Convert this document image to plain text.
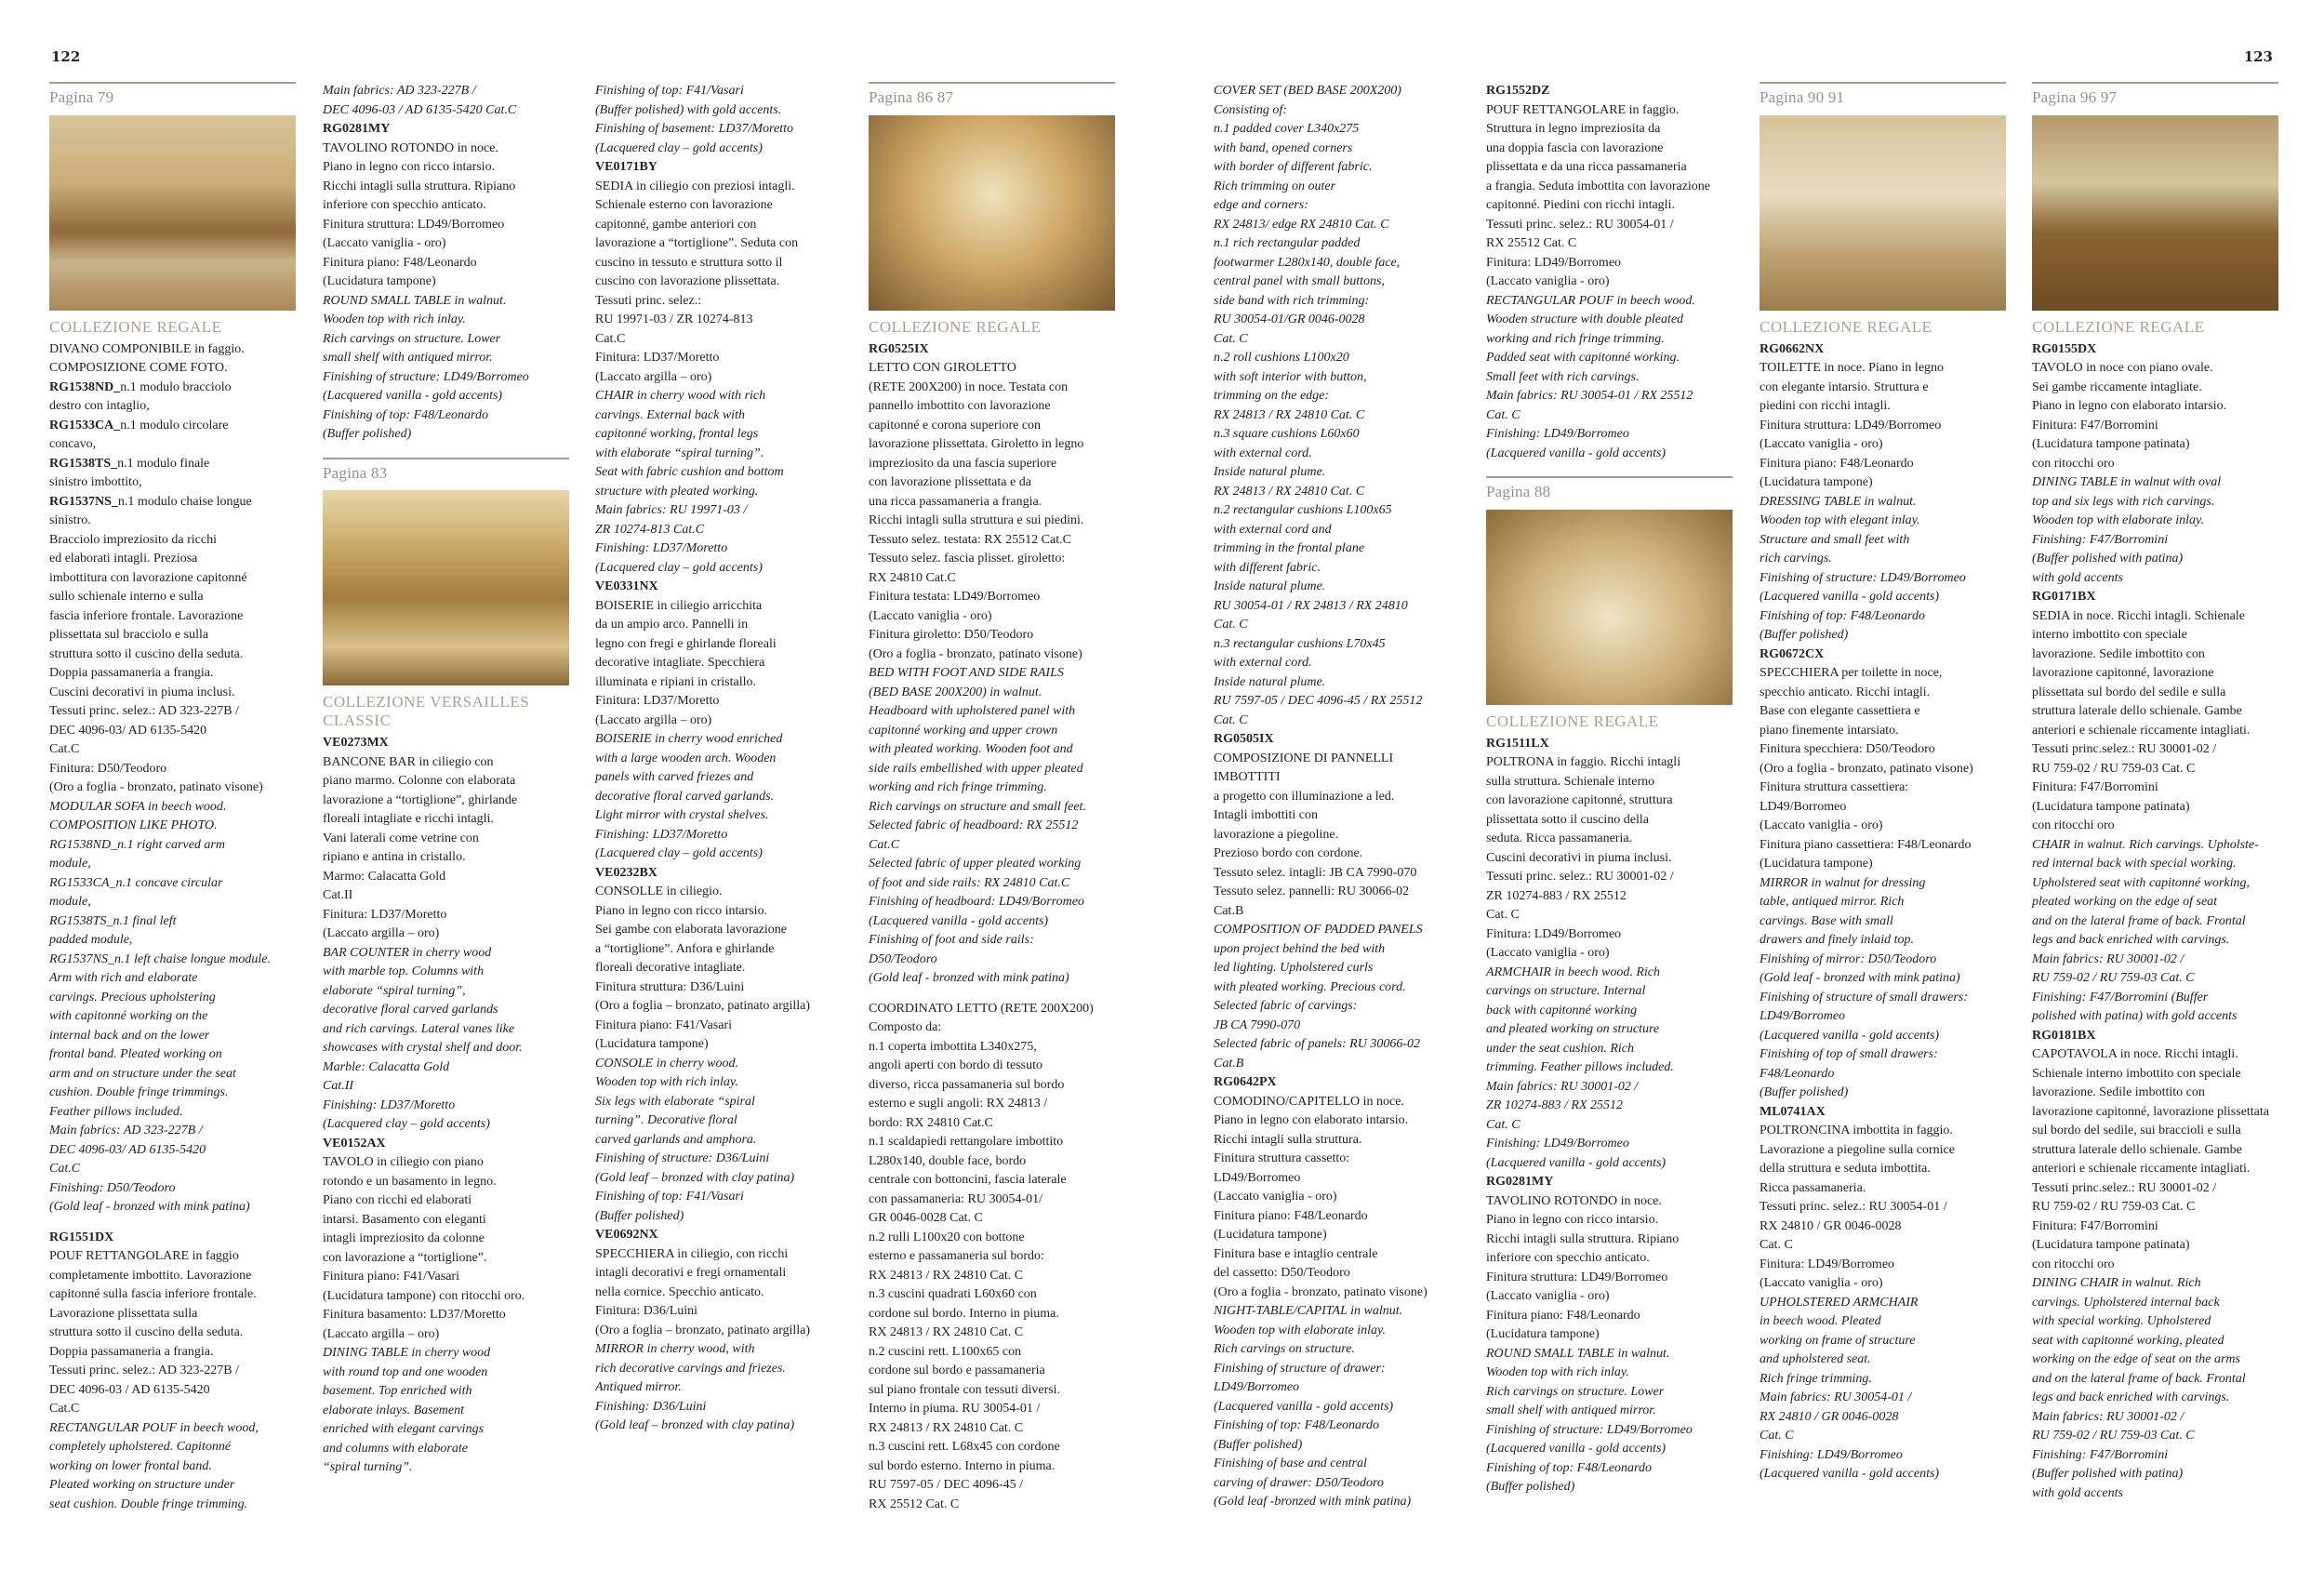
122	123
Pagina 79
COLLEZIONE REGALE
DIVANO COMPONIBILE in faggio.
COMPOSIZIONE COME FOTO.
RG1538ND_n.1 modulo bracciolo
destro con intaglio,
RG1533CA_n.1 modulo circolare
concavo,
RG1538TS_n.1 modulo finale
sinistro imbottito,
RG1537NS_n.1 modulo chaise longue
sinistro.
Bracciolo impreziosito da ricchi
ed elaborati intagli. Preziosa
imbottitura con lavorazione capitonné
sullo schienale interno e sulla
fascia inferiore frontale. Lavorazione
plissettata sul bracciolo e sulla
struttura sotto il cuscino della seduta.
Doppia passamaneria a frangia.
Cuscini decorativi in piuma inclusi.
Tessuti princ. selez.: AD 323-227B /
DEC 4096-03/ AD 6135-5420
Cat.C
Finitura: D50/Teodoro
(Oro a foglia - bronzato, patinato visone)
MODULAR SOFA in beech wood.
COMPOSITION LIKE PHOTO.
RG1538ND_n.1 right carved arm
module,
RG1533CA_n.1 concave circular
module,
RG1538TS_n.1 final left
padded module,
RG1537NS_n.1 left chaise longue module.
Arm with rich and elaborate
carvings. Precious upholstering
with capitonné working on the
internal back and on the lower
frontal band. Pleated working on
arm and on structure under the seat
cushion. Double fringe trimmings.
Feather pillows included.
Main fabrics: AD 323-227B /
DEC 4096-03/ AD 6135-5420
Cat.C
Finishing: D50/Teodoro
(Gold leaf - bronzed with mink patina)
RG1551DX
POUF RETTANGOLARE in faggio
completamente imbottito. Lavorazione
capitonné sulla fascia inferiore frontale.
Lavorazione plissettata sulla
struttura sotto il cuscino della seduta.
Doppia passamaneria a frangia.
Tessuti princ. selez.: AD 323-227B /
DEC 4096-03 / AD 6135-5420
Cat.C
RECTANGULAR POUF in beech wood,
completely upholstered. Capitonné
working on lower frontal band.
Pleated working on structure under
seat cushion. Double fringe trimming.
Main fabrics: AD 323-227B /
DEC 4096-03 / AD 6135-5420 Cat.C
RG0281MY
TAVOLINO ROTONDO in noce.
Piano in legno con ricco intarsio.
Ricchi intagli sulla struttura. Ripiano
inferiore con specchio anticato.
Finitura struttura: LD49/Borromeo
(Laccato vaniglia - oro)
Finitura piano: F48/Leonardo
(Lucidatura tampone)
ROUND SMALL TABLE in walnut.
Wooden top with rich inlay.
Rich carvings on structure. Lower
small shelf with antiqued mirror.
Finishing of structure: LD49/Borromeo
(Lacquered vanilla - gold accents)
Finishing of top: F48/Leonardo
(Buffer polished)
Pagina 83
COLLEZIONE VERSAILLES CLASSIC
VE0273MX
BANCONE BAR in ciliegio con
piano marmo. Colonne con elaborata
lavorazione a “tortiglione”, ghirlande
floreali intagliate e ricchi intagli.
Vani laterali come vetrine con
ripiano e antina in cristallo.
Marmo: Calacatta Gold
Cat.II
Finitura: LD37/Moretto
(Laccato argilla – oro)
BAR COUNTER in cherry wood
with marble top. Columns with
elaborate “spiral turning”,
decorative floral carved garlands
and rich carvings. Lateral vanes like
showcases with crystal shelf and door.
Marble: Calacatta Gold
Cat.II
Finishing: LD37/Moretto
(Lacquered clay – gold accents)
VE0152AX
TAVOLO in ciliegio con piano
rotondo e un basamento in legno.
Piano con ricchi ed elaborati
intarsi. Basamento con eleganti
intagli impreziosito da colonne
con lavorazione a “tortiglione”.
Finitura piano: F41/Vasari
(Lucidatura tampone) con ritocchi oro.
Finitura basamento: LD37/Moretto
(Laccato argilla – oro)
DINING TABLE in cherry wood
with round top and one wooden
basement. Top enriched with
elaborate inlays. Basement
enriched with elegant carvings
and columns with elaborate
“spiral turning”.
Finishing of top: F41/Vasari
(Buffer polished) with gold accents.
Finishing of basement: LD37/Moretto
(Lacquered clay – gold accents)
VE0171BY
SEDIA in ciliegio con preziosi intagli.
Schienale esterno con lavorazione
capitonné, gambe anteriori con
lavorazione a “tortiglione”. Seduta con
cuscino in tessuto e struttura sotto il
cuscino con lavorazione plissettata.
Tessuti princ. selez.:
RU 19971-03 / ZR 10274-813
Cat.C
Finitura: LD37/Moretto
(Laccato argilla – oro)
CHAIR in cherry wood with rich
carvings. External back with
capitonné working, frontal legs
with elaborate “spiral turning”.
Seat with fabric cushion and bottom
structure with pleated working.
Main fabrics: RU 19971-03 /
ZR 10274-813 Cat.C
Finishing: LD37/Moretto
(Lacquered clay – gold accents)
VE0331NX
BOISERIE in ciliegio arricchita
da un ampio arco. Pannelli in
legno con fregi e ghirlande floreali
decorative intagliate. Specchiera
illuminata e ripiani in cristallo.
Finitura: LD37/Moretto
(Laccato argilla – oro)
BOISERIE in cherry wood enriched
with a large wooden arch. Wooden
panels with carved friezes and
decorative floral carved garlands.
Light mirror with crystal shelves.
Finishing: LD37/Moretto
(Lacquered clay – gold accents)
VE0232BX
CONSOLLE in ciliegio.
Piano in legno con ricco intarsio.
Sei gambe con elaborata lavorazione
a “tortiglione”. Anfora e ghirlande
floreali decorative intagliate.
Finitura struttura: D36/Luini
(Oro a foglia – bronzato, patinato argilla)
Finitura piano: F41/Vasari
(Lucidatura tampone)
CONSOLE in cherry wood.
Wooden top with rich inlay.
Six legs with elaborate “spiral
turning”. Decorative floral
carved garlands and amphora.
Finishing of structure: D36/Luini
(Gold leaf – bronzed with clay patina)
Finishing of top: F41/Vasari
(Buffer polished)
VE0692NX
SPECCHIERA in ciliegio, con ricchi
intagli decorativi e fregi ornamentali
nella cornice. Specchio anticato.
Finitura: D36/Luini
(Oro a foglia – bronzato, patinato argilla)
MIRROR in cherry wood, with
rich decorative carvings and friezes.
Antiqued mirror.
Finishing: D36/Luini
(Gold leaf – bronzed with clay patina)
Pagina 86 87
COLLEZIONE REGALE
RG0525IX
LETTO CON GIROLETTO
(RETE 200X200) in noce. Testata con
pannello imbottito con lavorazione
capitonné e corona superiore con
lavorazione plissettata. Giroletto in legno
impreziosito da una fascia superiore
con lavorazione plissettata e da
una ricca passamaneria a frangia.
Ricchi intagli sulla struttura e sui piedini.
Tessuto selez. testata: RX 25512 Cat.C
Tessuto selez. fascia plisset. giroletto:
RX 24810 Cat.C
Finitura testata: LD49/Borromeo
(Laccato vaniglia - oro)
Finitura giroletto: D50/Teodoro
(Oro a foglia - bronzato, patinato visone)
BED WITH FOOT AND SIDE RAILS
(BED BASE 200X200) in walnut.
Headboard with upholstered panel with
capitonné working and upper crown
with pleated working. Wooden foot and
side rails embellished with upper pleated
working and rich fringe trimming.
Rich carvings on structure and small feet.
Selected fabric of headboard: RX 25512
Cat.C
Selected fabric of upper pleated working
of foot and side rails: RX 24810 Cat.C
Finishing of headboard: LD49/Borromeo
(Lacquered vanilla - gold accents)
Finishing of foot and side rails:
D50/Teodoro
(Gold leaf - bronzed with mink patina)
COORDINATO LETTO (RETE 200X200)
Composto da:
n.1 coperta imbottita L340x275,
angoli aperti con bordo di tessuto
diverso, ricca passamaneria sul bordo
esterno e sugli angoli: RX 24813 /
bordo: RX 24810 Cat.C
n.1 scaldapiedi rettangolare imbottito
L280x140, double face, bordo
centrale con bottoncini, fascia laterale
con passamaneria: RU 30054-01/
GR 0046-0028 Cat. C
n.2 rulli L100x20 con bottone
esterno e passamaneria sul bordo:
RX 24813 / RX 24810 Cat. C
n.3 cuscini quadrati L60x60 con
cordone sul bordo. Interno in piuma.
RX 24813 / RX 24810 Cat. C
n.2 cuscini rett. L100x65 con
cordone sul bordo e passamaneria
sul piano frontale con tessuti diversi.
Interno in piuma. RU 30054-01 /
RX 24813 / RX 24810 Cat. C
n.3 cuscini rett. L68x45 con cordone
sul bordo esterno. Interno in piuma.
RU 7597-05 / DEC 4096-45 /
RX 25512 Cat. C
COVER SET (BED BASE 200X200)
Consisting of:
n.1 padded cover L340x275
with band, opened corners
with border of different fabric.
Rich trimming on outer
edge and corners:
RX 24813/ edge RX 24810 Cat. C
n.1 rich rectangular padded
footwarmer L280x140, double face,
central panel with small buttons,
side band with rich trimming:
RU 30054-01/GR 0046-0028
Cat. C
n.2 roll cushions L100x20
with soft interior with button,
trimming on the edge:
RX 24813 / RX 24810 Cat. C
n.3 square cushions L60x60
with external cord.
Inside natural plume.
RX 24813 / RX 24810 Cat. C
n.2 rectangular cushions L100x65
with external cord and
trimming in the frontal plane
with different fabric.
Inside natural plume.
RU 30054-01 / RX 24813 / RX 24810
Cat. C
n.3 rectangular cushions L70x45
with external cord.
Inside natural plume.
RU 7597-05 / DEC 4096-45 / RX 25512
Cat. C
RG0505IX
COMPOSIZIONE DI PANNELLI
IMBOTTITI
a progetto con illuminazione a led.
Intagli imbottiti con
lavorazione a piegoline.
Prezioso bordo con cordone.
Tessuto selez. intagli: JB CA 7990-070
Tessuto selez. pannelli: RU 30066-02
Cat.B
COMPOSITION OF PADDED PANELS
upon project behind the bed with
led lighting. Upholstered curls
with pleated working. Precious cord.
Selected fabric of carvings:
JB CA 7990-070
Selected fabric of panels: RU 30066-02
Cat.B
RG0642PX
COMODINO/CAPITELLO in noce.
Piano in legno con elaborato intarsio.
Ricchi intagli sulla struttura.
Finitura struttura cassetto:
LD49/Borromeo
(Laccato vaniglia - oro)
Finitura piano: F48/Leonardo
(Lucidatura tampone)
Finitura base e intaglio centrale
del cassetto: D50/Teodoro
(Oro a foglia - bronzato, patinato visone)
NIGHT-TABLE/CAPITAL in walnut.
Wooden top with elaborate inlay.
Rich carvings on structure.
Finishing of structure of drawer:
LD49/Borromeo
(Lacquered vanilla - gold accents)
Finishing of top: F48/Leonardo
(Buffer polished)
Finishing of base and central
carving of drawer: D50/Teodoro
(Gold leaf -bronzed with mink patina)
RG1552DZ
POUF RETTANGOLARE in faggio.
Struttura in legno impreziosita da
una doppia fascia con lavorazione
plissettata e da una ricca passamaneria
a frangia. Seduta imbottita con lavorazione
capitonné. Piedini con ricchi intagli.
Tessuti princ. selez.: RU 30054-01 /
RX 25512 Cat. C
Finitura: LD49/Borromeo
(Laccato vaniglia - oro)
RECTANGULAR POUF in beech wood.
Wooden structure with double pleated
working and rich fringe trimming.
Padded seat with capitonné working.
Small feet with rich carvings.
Main fabrics: RU 30054-01 / RX 25512
Cat. C
Finishing: LD49/Borromeo
(Lacquered vanilla - gold accents)
Pagina 88
COLLEZIONE REGALE
RG1511LX
POLTRONA in faggio. Ricchi intagli
sulla struttura. Schienale interno
con lavorazione capitonné, struttura
plissettata sotto il cuscino della
seduta. Ricca passamaneria.
Cuscini decorativi in piuma inclusi.
Tessuti princ. selez.: RU 30001-02 /
ZR 10274-883 / RX 25512
Cat. C
Finitura: LD49/Borromeo
(Laccato vaniglia - oro)
ARMCHAIR in beech wood. Rich
carvings on structure. Internal
back with capitonné working
and pleated working on structure
under the seat cushion. Rich
trimming. Feather pillows included.
Main fabrics: RU 30001-02 /
ZR 10274-883 / RX 25512
Cat. C
Finishing: LD49/Borromeo
(Lacquered vanilla - gold accents)
RG0281MY
TAVOLINO ROTONDO in noce.
Piano in legno con ricco intarsio.
Ricchi intagli sulla struttura. Ripiano
inferiore con specchio anticato.
Finitura struttura: LD49/Borromeo
(Laccato vaniglia - oro)
Finitura piano: F48/Leonardo
(Lucidatura tampone)
ROUND SMALL TABLE in walnut.
Wooden top with rich inlay.
Rich carvings on structure. Lower
small shelf with antiqued mirror.
Finishing of structure: LD49/Borromeo
(Lacquered vanilla - gold accents)
Finishing of top: F48/Leonardo
(Buffer polished)
Pagina 90 91
COLLEZIONE REGALE
RG0662NX
TOILETTE in noce. Piano in legno
con elegante intarsio. Struttura e
piedini con ricchi intagli.
Finitura struttura: LD49/Borromeo
(Laccato vaniglia - oro)
Finitura piano: F48/Leonardo
(Lucidatura tampone)
DRESSING TABLE in walnut.
Wooden top with elegant inlay.
Structure and small feet with
rich carvings.
Finishing of structure: LD49/Borromeo
(Lacquered vanilla - gold accents)
Finishing of top: F48/Leonardo
(Buffer polished)
RG0672CX
SPECCHIERA per toilette in noce,
specchio anticato. Ricchi intagli.
Base con elegante cassettiera e
piano finemente intarsiato.
Finitura specchiera: D50/Teodoro
(Oro a foglia - bronzato, patinato visone)
Finitura struttura cassettiera:
LD49/Borromeo
(Laccato vaniglia - oro)
Finitura piano cassettiera: F48/Leonardo
(Lucidatura tampone)
MIRROR in walnut for dressing
table, antiqued mirror. Rich
carvings. Base with small
drawers and finely inlaid top.
Finishing of mirror: D50/Teodoro
(Gold leaf - bronzed with mink patina)
Finishing of structure of small drawers:
LD49/Borromeo
(Lacquered vanilla - gold accents)
Finishing of top of small drawers:
F48/Leonardo
(Buffer polished)
ML0741AX
POLTRONCINA imbottita in faggio.
Lavorazione a piegoline sulla cornice
della struttura e seduta imbottita.
Ricca passamaneria.
Tessuti princ. selez.: RU 30054-01 /
RX 24810 / GR 0046-0028
Cat. C
Finitura: LD49/Borromeo
(Laccato vaniglia - oro)
UPHOLSTERED ARMCHAIR
in beech wood. Pleated
working on frame of structure
and upholstered seat.
Rich fringe trimming.
Main fabrics: RU 30054-01 /
RX 24810 / GR 0046-0028
Cat. C
Finishing: LD49/Borromeo
(Lacquered vanilla - gold accents)
Pagina 96 97
COLLEZIONE REGALE
RG0155DX
TAVOLO in noce con piano ovale.
Sei gambe riccamente intagliate.
Piano in legno con elaborato intarsio.
Finitura: F47/Borromini
(Lucidatura tampone patinata)
con ritocchi oro
DINING TABLE in walnut with oval
top and six legs with rich carvings.
Wooden top with elaborate inlay.
Finishing: F47/Borromini
(Buffer polished with patina)
with gold accents
RG0171BX
SEDIA in noce. Ricchi intagli. Schienale
interno imbottito con speciale
lavorazione. Sedile imbottito con
lavorazione capitonné, lavorazione
plissettata sul bordo del sedile e sulla
struttura laterale dello schienale. Gambe
anteriori e schienale riccamente intagliati.
Tessuti princ.selez.: RU 30001-02 /
RU 759-02 / RU 759-03 Cat. C
Finitura: F47/Borromini
(Lucidatura tampone patinata)
con ritocchi oro
CHAIR in walnut. Rich carvings. Upholste-
red internal back with special working.
Upholstered seat with capitonné working,
pleated working on the edge of seat
and on the lateral frame of back. Frontal
legs and back enriched with carvings.
Main fabrics: RU 30001-02 /
RU 759-02 / RU 759-03 Cat. C
Finishing: F47/Borromini (Buffer
polished with patina) with gold accents
RG0181BX
CAPOTAVOLA in noce. Ricchi intagli.
Schienale interno imbottito con speciale
lavorazione. Sedile imbottito con
lavorazione capitonné, lavorazione plissettata
sul bordo del sedile, sui braccioli e sulla
struttura laterale dello schienale. Gambe
anteriori e schienale riccamente intagliati.
Tessuti princ.selez.: RU 30001-02 /
RU 759-02 / RU 759-03 Cat. C
Finitura: F47/Borromini
(Lucidatura tampone patinata)
con ritocchi oro
DINING CHAIR in walnut. Rich
carvings. Upholstered internal back
with special working. Upholstered
seat with capitonné working, pleated
working on the edge of seat on the arms
and on the lateral frame of back. Frontal
legs and back enriched with carvings.
Main fabrics: RU 30001-02 /
RU 759-02 / RU 759-03 Cat. C
Finishing: F47/Borromini
(Buffer polished with patina)
with gold accents
